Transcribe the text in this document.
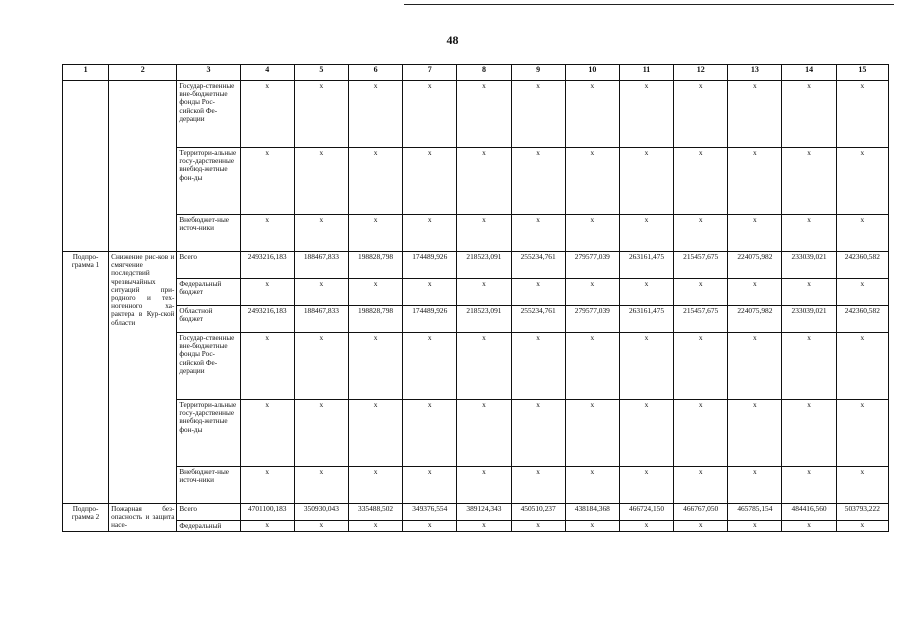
48
1	2	3	4	5	6	7	8	9	10	11	12	13	14	15
		Государ-ственные вне-бюджетные фонды Рос-сийской Фе-дерации	x	x	x	x	x	x	x	x	x	x	x	x
		Территори-альные госу-дарственные внебюд-жетные фон-ды	x	x	x	x	x	x	x	x	x	x	x	x
		Внебюджет-ные источ-ники	x	x	x	x	x	x	x	x	x	x	x	x
Подпро-грамма 1	Снижение рис-ков и смягчение последствий чрезвычайных ситуаций при-родного и тех-ногенного ха-рактера в Кур-ской области	Всего	2493216,183	188467,833	198828,798	174489,926	218523,091	255234,761	279577,039	263161,475	215457,675	224075,982	233039,021	242360,582
		Федеральный бюджет	x	x	x	x	x	x	x	x	x	x	x	x
		Областной бюджет	2493216,183	188467,833	198828,798	174489,926	218523,091	255234,761	279577,039	263161,475	215457,675	224075,982	233039,021	242360,582
		Государ-ственные вне-бюджетные фонды Рос-сийской Фе-дерации	x	x	x	x	x	x	x	x	x	x	x	x
		Территори-альные госу-дарственные внебюд-жетные фон-ды	x	x	x	x	x	x	x	x	x	x	x	x
		Внебюджет-ные источ-ники	x	x	x	x	x	x	x	x	x	x	x	x
Подпро-грамма 2	Пожарная без-опасность и защита насе-	Всего	4701100,183	350930,043	335488,502	349376,554	389124,343	450510,237	438184,368	466724,150	466767,050	465785,154	484416,560	503793,222
		Федеральный	x	x	x	x	x	x	x	x	x	x	x	x
